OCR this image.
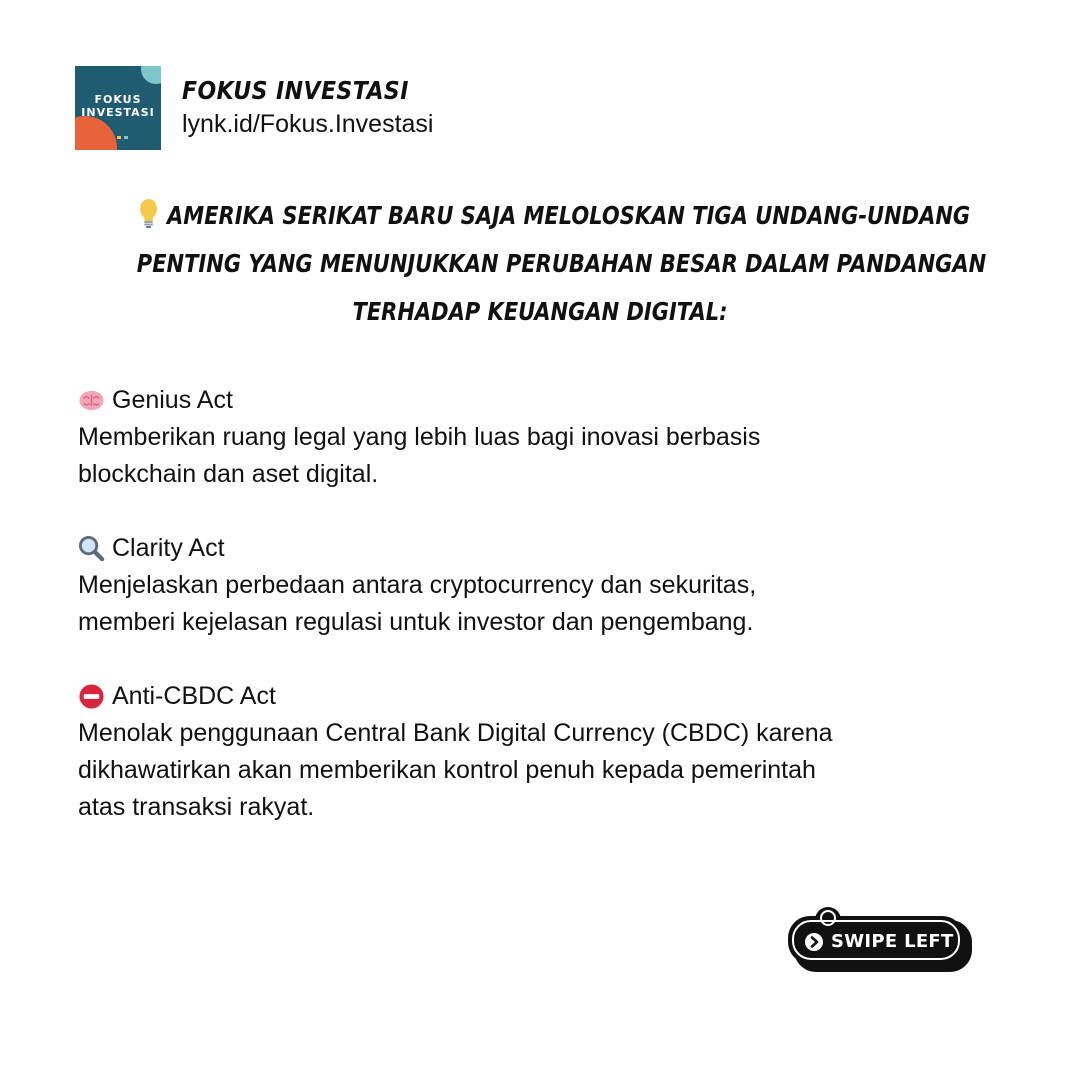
FOKUS
INVESTASI
FOKUS INVESTASI
lynk.id/Fokus.Investasi
AMERIKA SERIKAT BARU SAJA MELOLOSKAN TIGA UNDANG-UNDANG
PENTING YANG MENUNJUKKAN PERUBAHAN BESAR DALAM PANDANGAN
TERHADAP KEUANGAN DIGITAL:
Genius Act
Memberikan ruang legal yang lebih luas bagi inovasi berbasis
blockchain dan aset digital.
Clarity Act
Menjelaskan perbedaan antara cryptocurrency dan sekuritas,
memberi kejelasan regulasi untuk investor dan pengembang.
Anti-CBDC Act
Menolak penggunaan Central Bank Digital Currency (CBDC) karena
dikhawatirkan akan memberikan kontrol penuh kepada pemerintah
atas transaksi rakyat.
SWIPE LEFT
